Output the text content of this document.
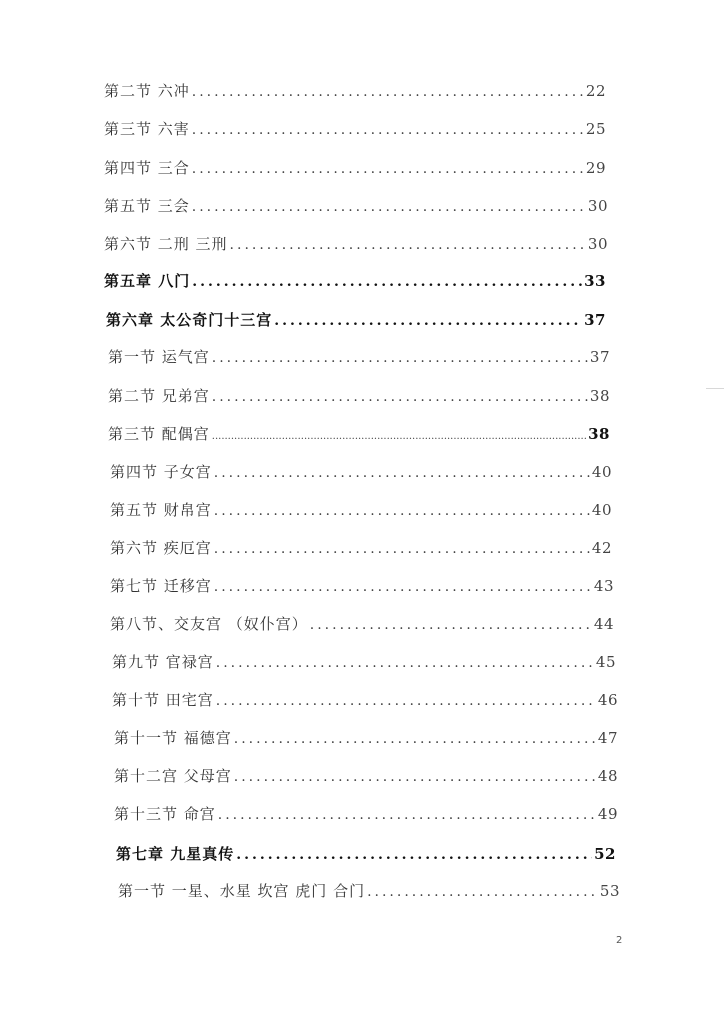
第二节 六冲 .....	22
第三节 六害 .....	25
第四节 三合 .....	29
第五节 三会 .....	30
第六节 二刑 三刑 .....	30
第五章 八门 .....	33
第六章 太公奇门十三宫 .....	37
第一节 运气宫 .....	37
第二节 兄弟宫 .....	38
第三节 配偶宫 .....	38
第四节 子女宫 .....	40
第五节 财帛宫 .....	40
第六节 疾厄宫 .....	42
第七节 迁移宫 .....	43
第八节、交友宫 （奴仆宫） .....	44
第九节 官禄宫 .....	45
第十节 田宅宫 .....	46
第十一节 福德宫 .....	47
第十二宫 父母宫 .....	48
第十三节 命宫 .....	49
第七章 九星真传 .....	52
第一节 一星、水星 坎宫 虎门 合门 .....	53
2
